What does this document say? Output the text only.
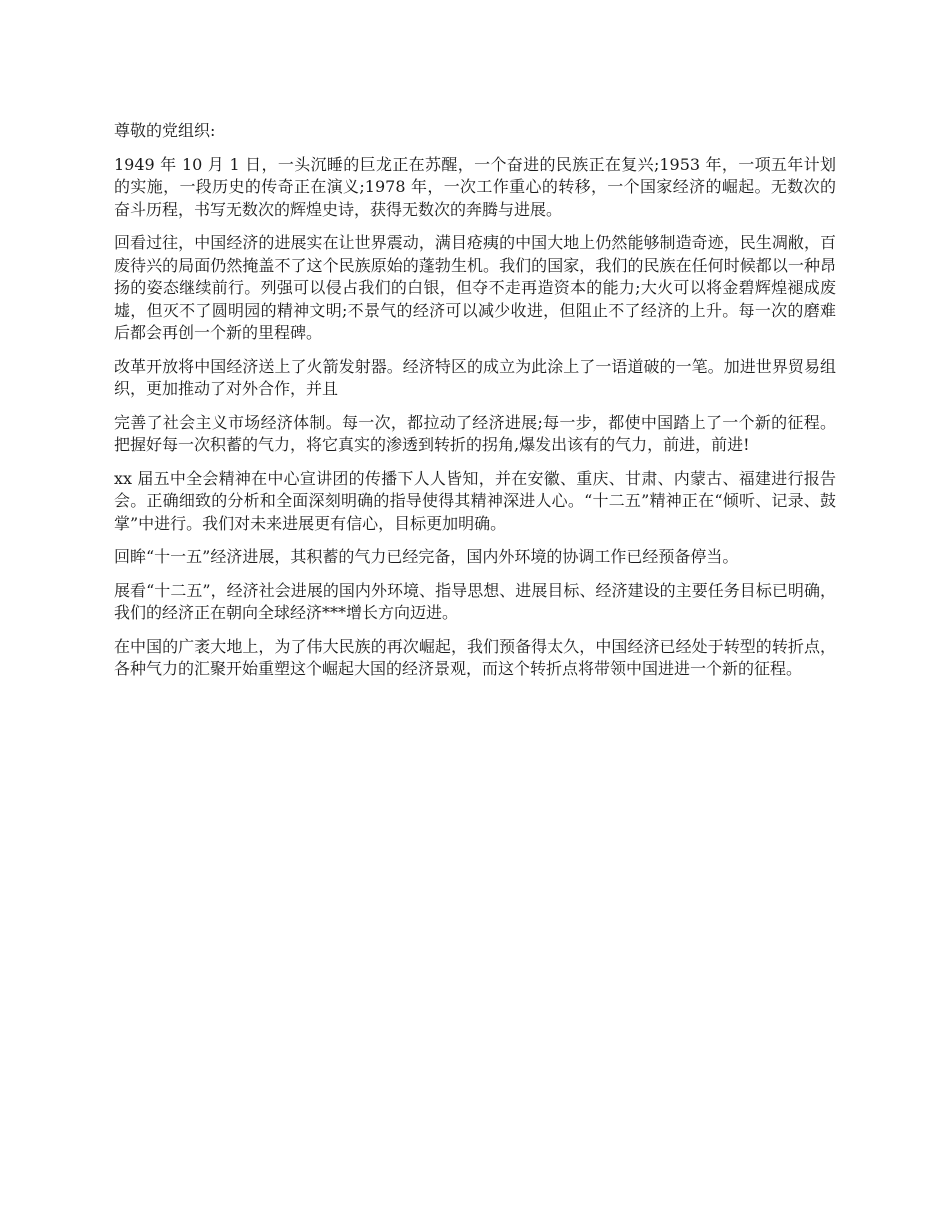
尊敬的党组织:

1949 年 10 月 1 日，一头沉睡的巨龙正在苏醒，一个奋进的民族正在复兴;1953 年，一项五年计划的实施，一段历史的传奇正在演义;1978 年，一次工作重心的转移，一个国家经济的崛起。无数次的奋斗历程，书写无数次的辉煌史诗，获得无数次的奔腾与进展。

回看过往，中国经济的进展实在让世界震动，满目疮痍的中国大地上仍然能够制造奇迹，民生凋敝，百废待兴的局面仍然掩盖不了这个民族原始的蓬勃生机。我们的国家，我们的民族在任何时候都以一种昂扬的姿态继续前行。列强可以侵占我们的白银，但夺不走再造资本的能力;大火可以将金碧辉煌褪成废墟，但灭不了圆明园的精神文明;不景气的经济可以减少收进，但阻止不了经济的上升。每一次的磨难后都会再创一个新的里程碑。

改革开放将中国经济送上了火箭发射器。经济特区的成立为此涂上了一语道破的一笔。加进世界贸易组织，更加推动了对外合作，并且

完善了社会主义市场经济体制。每一次，都拉动了经济进展;每一步，都使中国踏上了一个新的征程。把握好每一次积蓄的气力，将它真实的渗透到转折的拐角,爆发出该有的气力，前进，前进!

xx 届五中全会精神在中心宣讲团的传播下人人皆知，并在安徽、重庆、甘肃、内蒙古、福建进行报告会。正确细致的分析和全面深刻明确的指导使得其精神深进人心。“十二五”精神正在“倾听、记录、鼓掌”中进行。我们对未来进展更有信心，目标更加明确。

回眸“十一五”经济进展，其积蓄的气力已经完备，国内外环境的协调工作已经预备停当。

展看“十二五”，经济社会进展的国内外环境、指导思想、进展目标、经济建设的主要任务目标已明确，我们的经济正在朝向全球经济***增长方向迈进。

在中国的广袤大地上，为了伟大民族的再次崛起，我们预备得太久，中国经济已经处于转型的转折点，各种气力的汇聚开始重塑这个崛起大国的经济景观，而这个转折点将带领中国进进一个新的征程。
